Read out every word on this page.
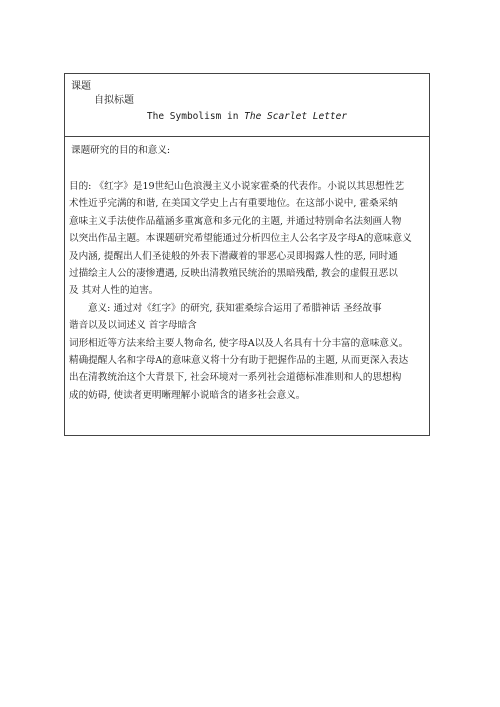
课题
自拟标题
The Symbolism in The Scarlet Letter
课题研究的目的和意义:

目的: 《红字》是19世纪山色浪漫主义小说家霍桑的代表作。小说以其思想性艺

术性近乎完满的和谐, 在美国文学史上占有重要地位。在这部小说中, 霍桑采纳

意味主义手法使作品蕴涵多重寓意和多元化的主题, 并通过特别命名法刻画人物

以突出作品主题。本课题研究希望能通过分析四位主人公名字及字母A的意味意义

及内涵, 提醒出人们圣徒般的外表下潜藏着的罪恶心灵即揭露人性的恶, 同时通

过描绘主人公的凄惨遭遇, 反映出清教殖民统治的黑暗残酷, 教会的虚假丑恶以

及 其对人性的迫害。

意义: 通过对《红字》的研究, 获知霍桑综合运用了希腊神话 圣经故事

谐音以及以词述义 首字母暗含

词形相近等方法来给主要人物命名, 使字母A以及人名具有十分丰富的意味意义。

精确提醒人名和字母A的意味意义将十分有助于把握作品的主题, 从而更深入表达

出在清教统治这个大背景下, 社会环境对一系列社会道德标准准则和人的思想构

成的妨碍, 使读者更明晰理解小说暗含的诸多社会意义。
